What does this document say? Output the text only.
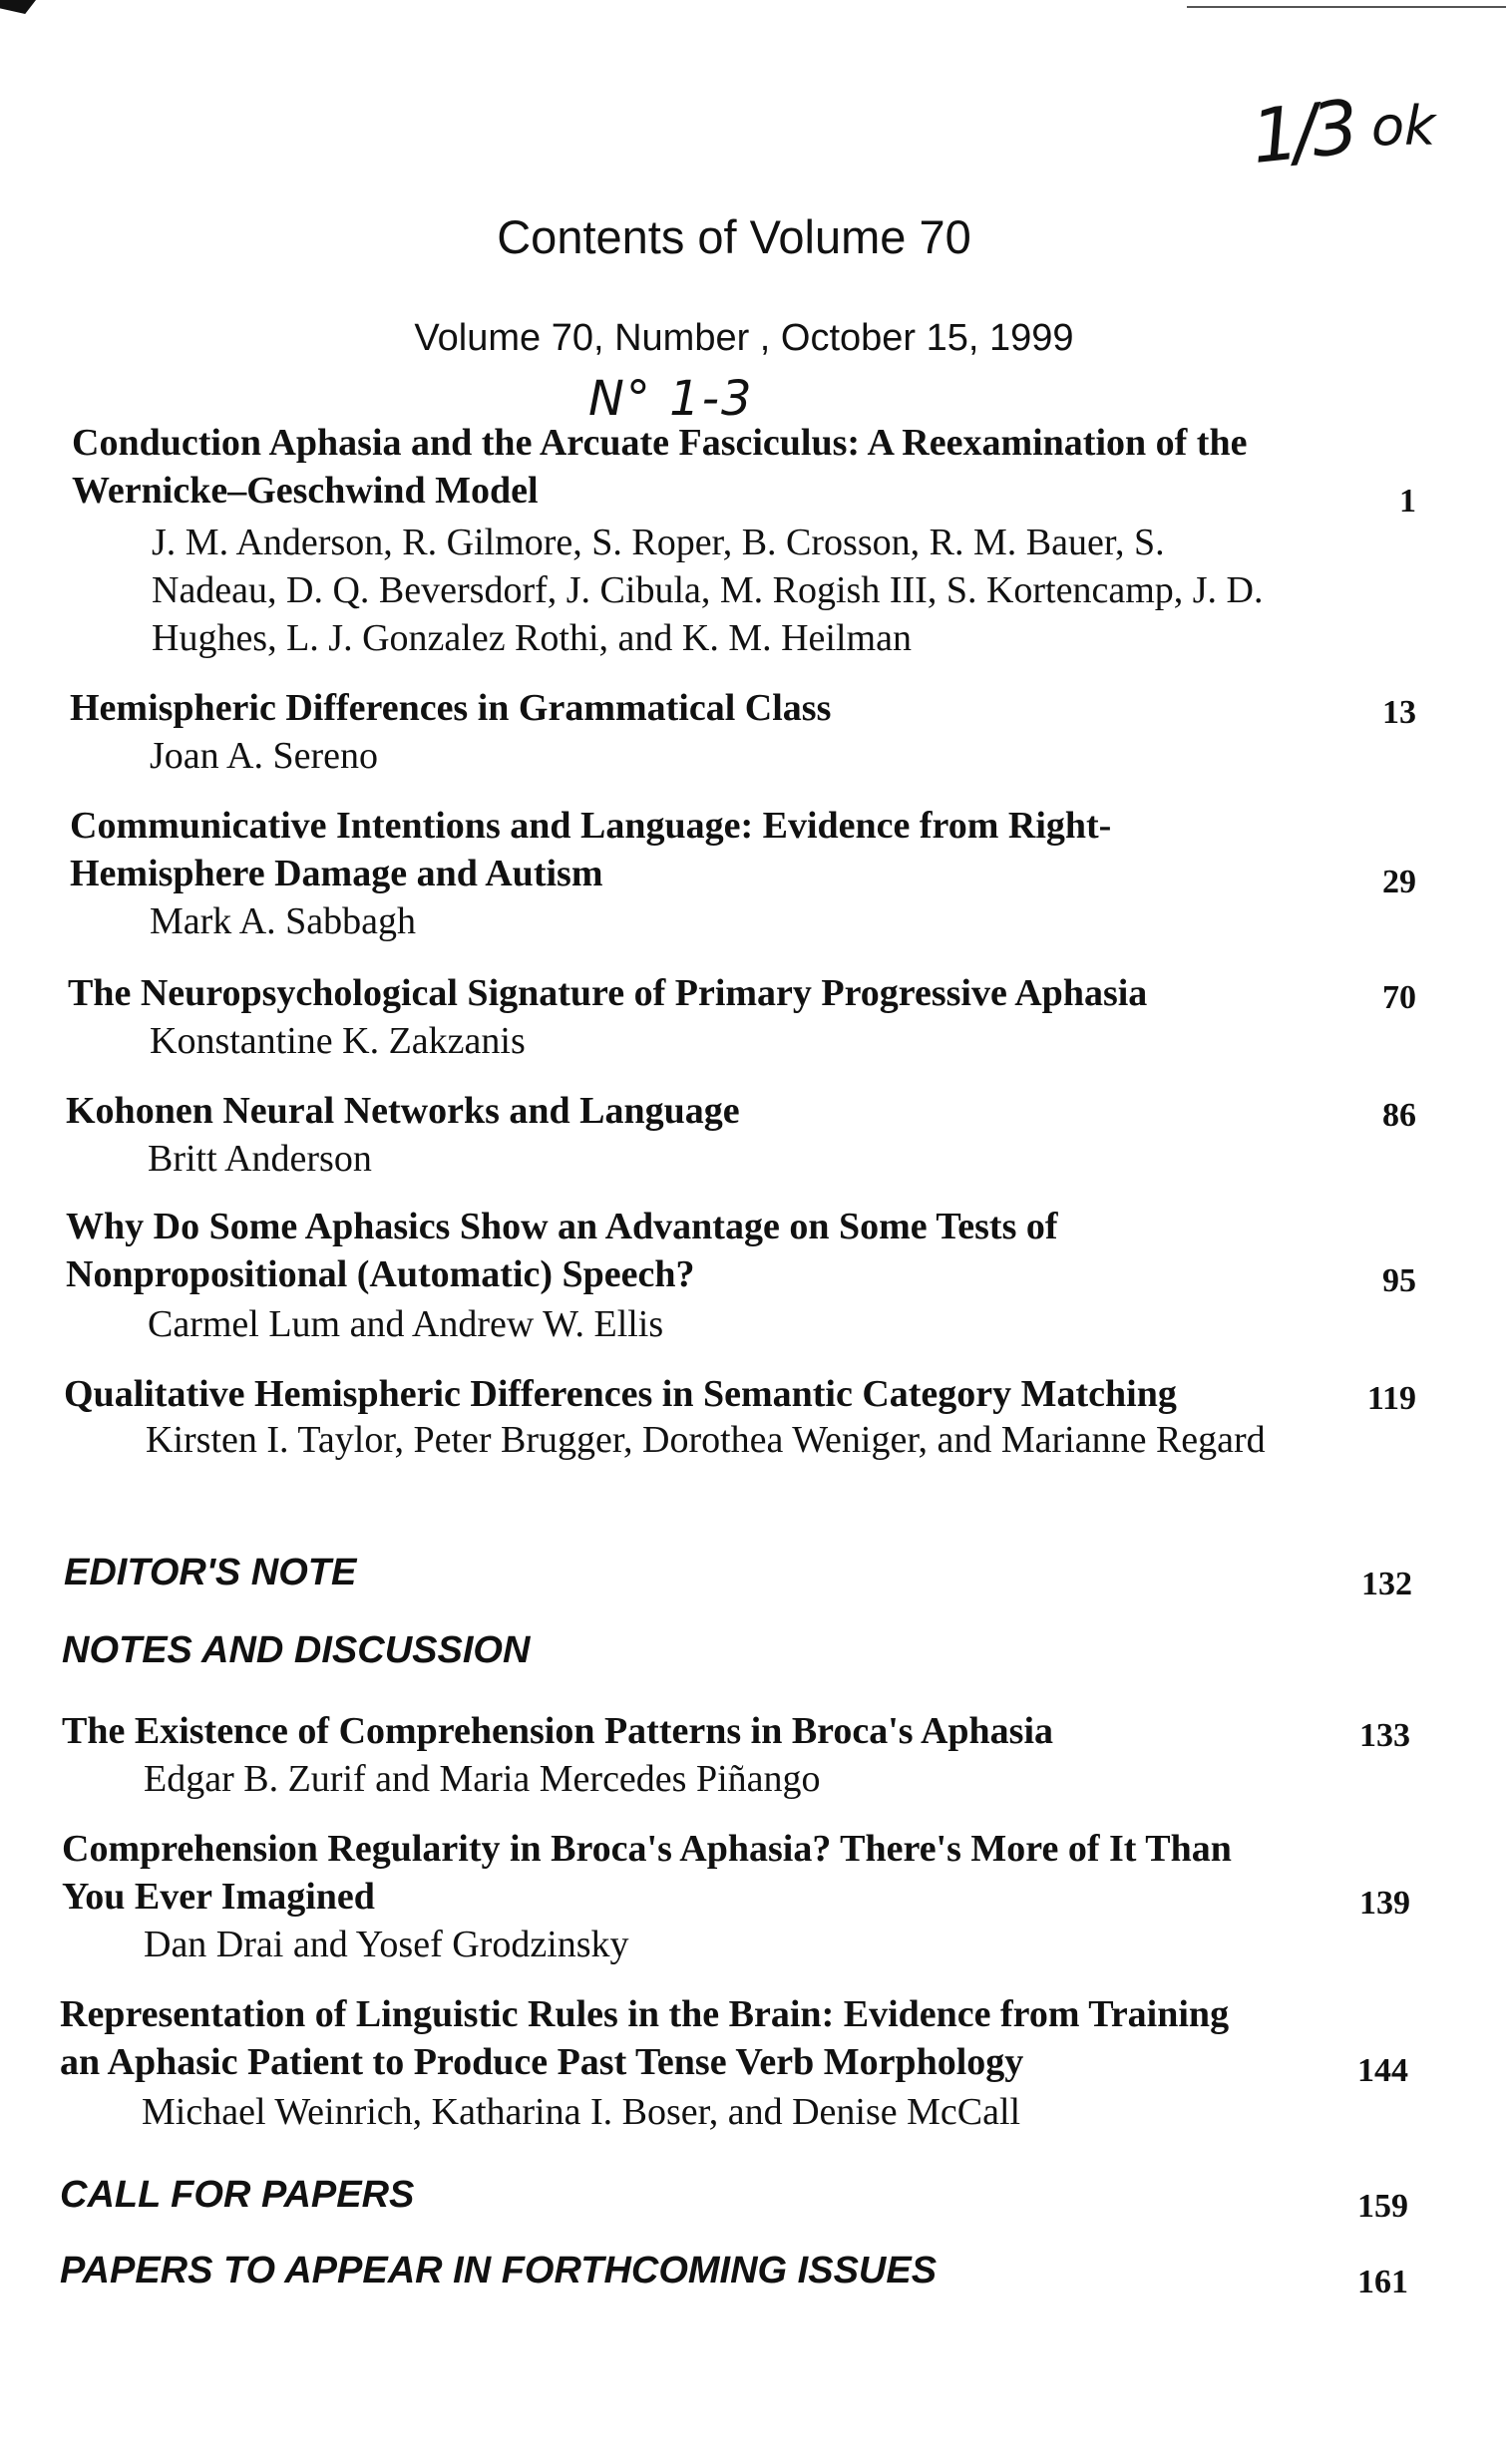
1/3 ok
N° 1-3
Contents of Volume 70
Volume 70, Number , October 15, 1999
Conduction Aphasia and the Arcuate Fasciculus: A Reexamination of the Wernicke–Geschwind Model
J. M. Anderson, R. Gilmore, S. Roper, B. Crosson, R. M. Bauer, S. Nadeau, D. Q. Beversdorf, J. Cibula, M. Rogish III, S. Kortencamp, J. D. Hughes, L. J. Gonzalez Rothi, and K. M. Heilman
1
Hemispheric Differences in Grammatical Class
Joan A. Sereno
13
Communicative Intentions and Language: Evidence from Right-Hemisphere Damage and Autism
Mark A. Sabbagh
29
The Neuropsychological Signature of Primary Progressive Aphasia
Konstantine K. Zakzanis
70
Kohonen Neural Networks and Language
Britt Anderson
86
Why Do Some Aphasics Show an Advantage on Some Tests of Nonpropositional (Automatic) Speech?
Carmel Lum and Andrew W. Ellis
95
Qualitative Hemispheric Differences in Semantic Category Matching
Kirsten I. Taylor, Peter Brugger, Dorothea Weniger, and Marianne Regard
119
EDITOR'S NOTE	132
NOTES AND DISCUSSION
The Existence of Comprehension Patterns in Broca's Aphasia
Edgar B. Zurif and Maria Mercedes Piñango
133
Comprehension Regularity in Broca's Aphasia? There's More of It Than You Ever Imagined
Dan Drai and Yosef Grodzinsky
139
Representation of Linguistic Rules in the Brain: Evidence from Training an Aphasic Patient to Produce Past Tense Verb Morphology
Michael Weinrich, Katharina I. Boser, and Denise McCall
144
CALL FOR PAPERS	159
PAPERS TO APPEAR IN FORTHCOMING ISSUES	161
